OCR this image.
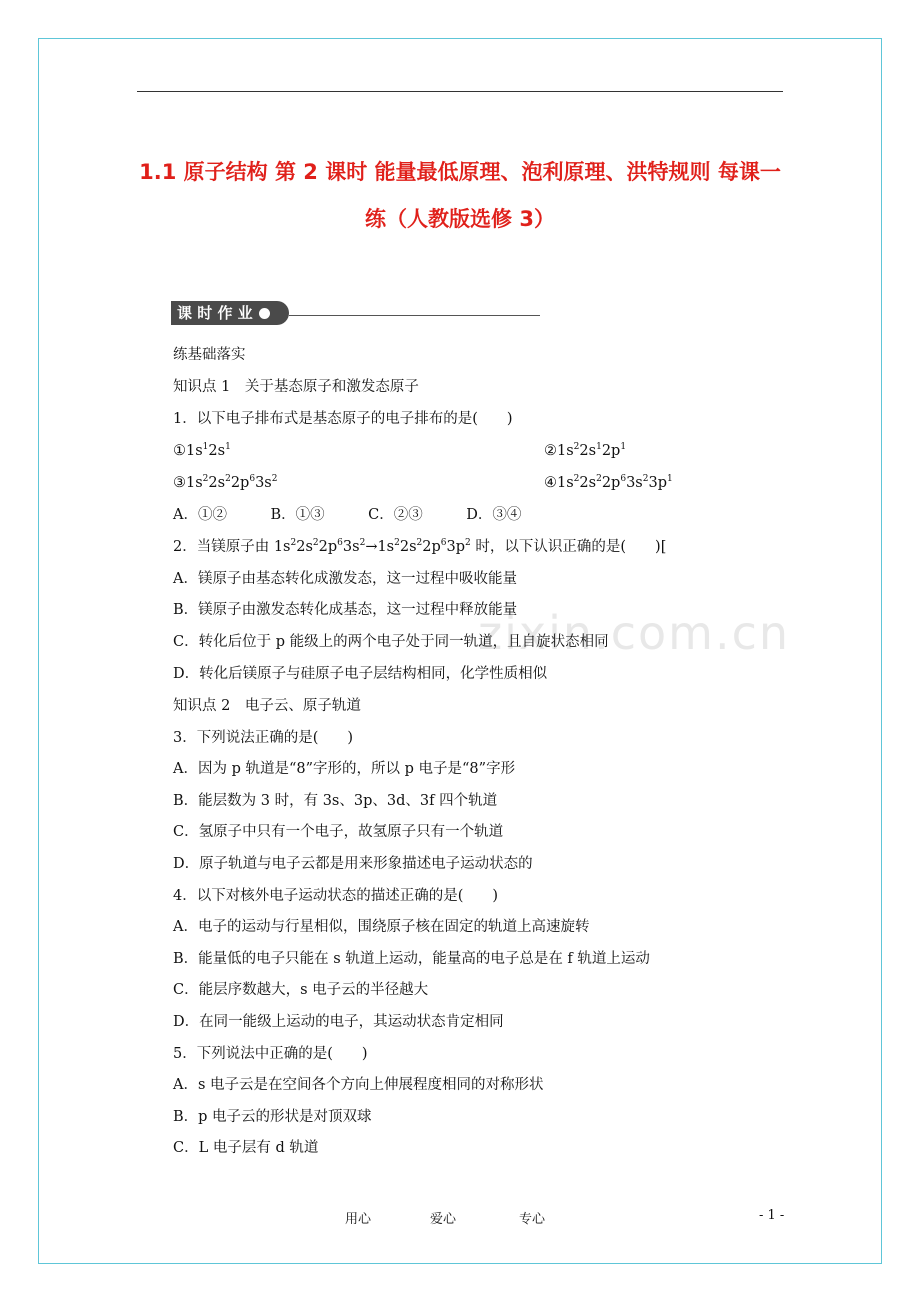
1.1 原子结构 第 2 课时 能量最低原理、泡利原理、洪特规则 每课一
练（人教版选修 3）
课 时 作 业
zixin.com.cn
练基础落实
知识点 1　关于基态原子和激发态原子
1．以下电子排布式是基态原子的电子排布的是(　　)
$①1s^12s^1$	$②1s^22s^12p^1$
$③1s^22s^22p^63s^2$	$④1s^22s^22p^63s^23p^1$
A．①②　　　B．①③　　　C．②③　　　D．③④
2．当镁原子由 $1s^22s^22p^63s^2\to 1s^22s^22p^63p^2$ 时，以下认识正确的是(　　)[
A．镁原子由基态转化成激发态，这一过程中吸收能量
B．镁原子由激发态转化成基态，这一过程中释放能量
C．转化后位于 p 能级上的两个电子处于同一轨道，且自旋状态相同
D．转化后镁原子与硅原子电子层结构相同，化学性质相似
知识点 2　电子云、原子轨道
3．下列说法正确的是(　　)
A．因为 p 轨道是“8”字形的，所以 p 电子是“8”字形
B．能层数为 3 时，有 3s、3p、3d、3f 四个轨道
C．氢原子中只有一个电子，故氢原子只有一个轨道
D．原子轨道与电子云都是用来形象描述电子运动状态的
4．以下对核外电子运动状态的描述正确的是(　　)
A．电子的运动与行星相似，围绕原子核在固定的轨道上高速旋转
B．能量低的电子只能在 s 轨道上运动，能量高的电子总是在 f 轨道上运动
C．能层序数越大，s 电子云的半径越大
D．在同一能级上运动的电子，其运动状态肯定相同
5．下列说法中正确的是(　　)
A．s 电子云是在空间各个方向上伸展程度相同的对称形状
B．p 电子云的形状是对顶双球
C．L 电子层有 d 轨道
用心	爱心	专心	- 1 -
